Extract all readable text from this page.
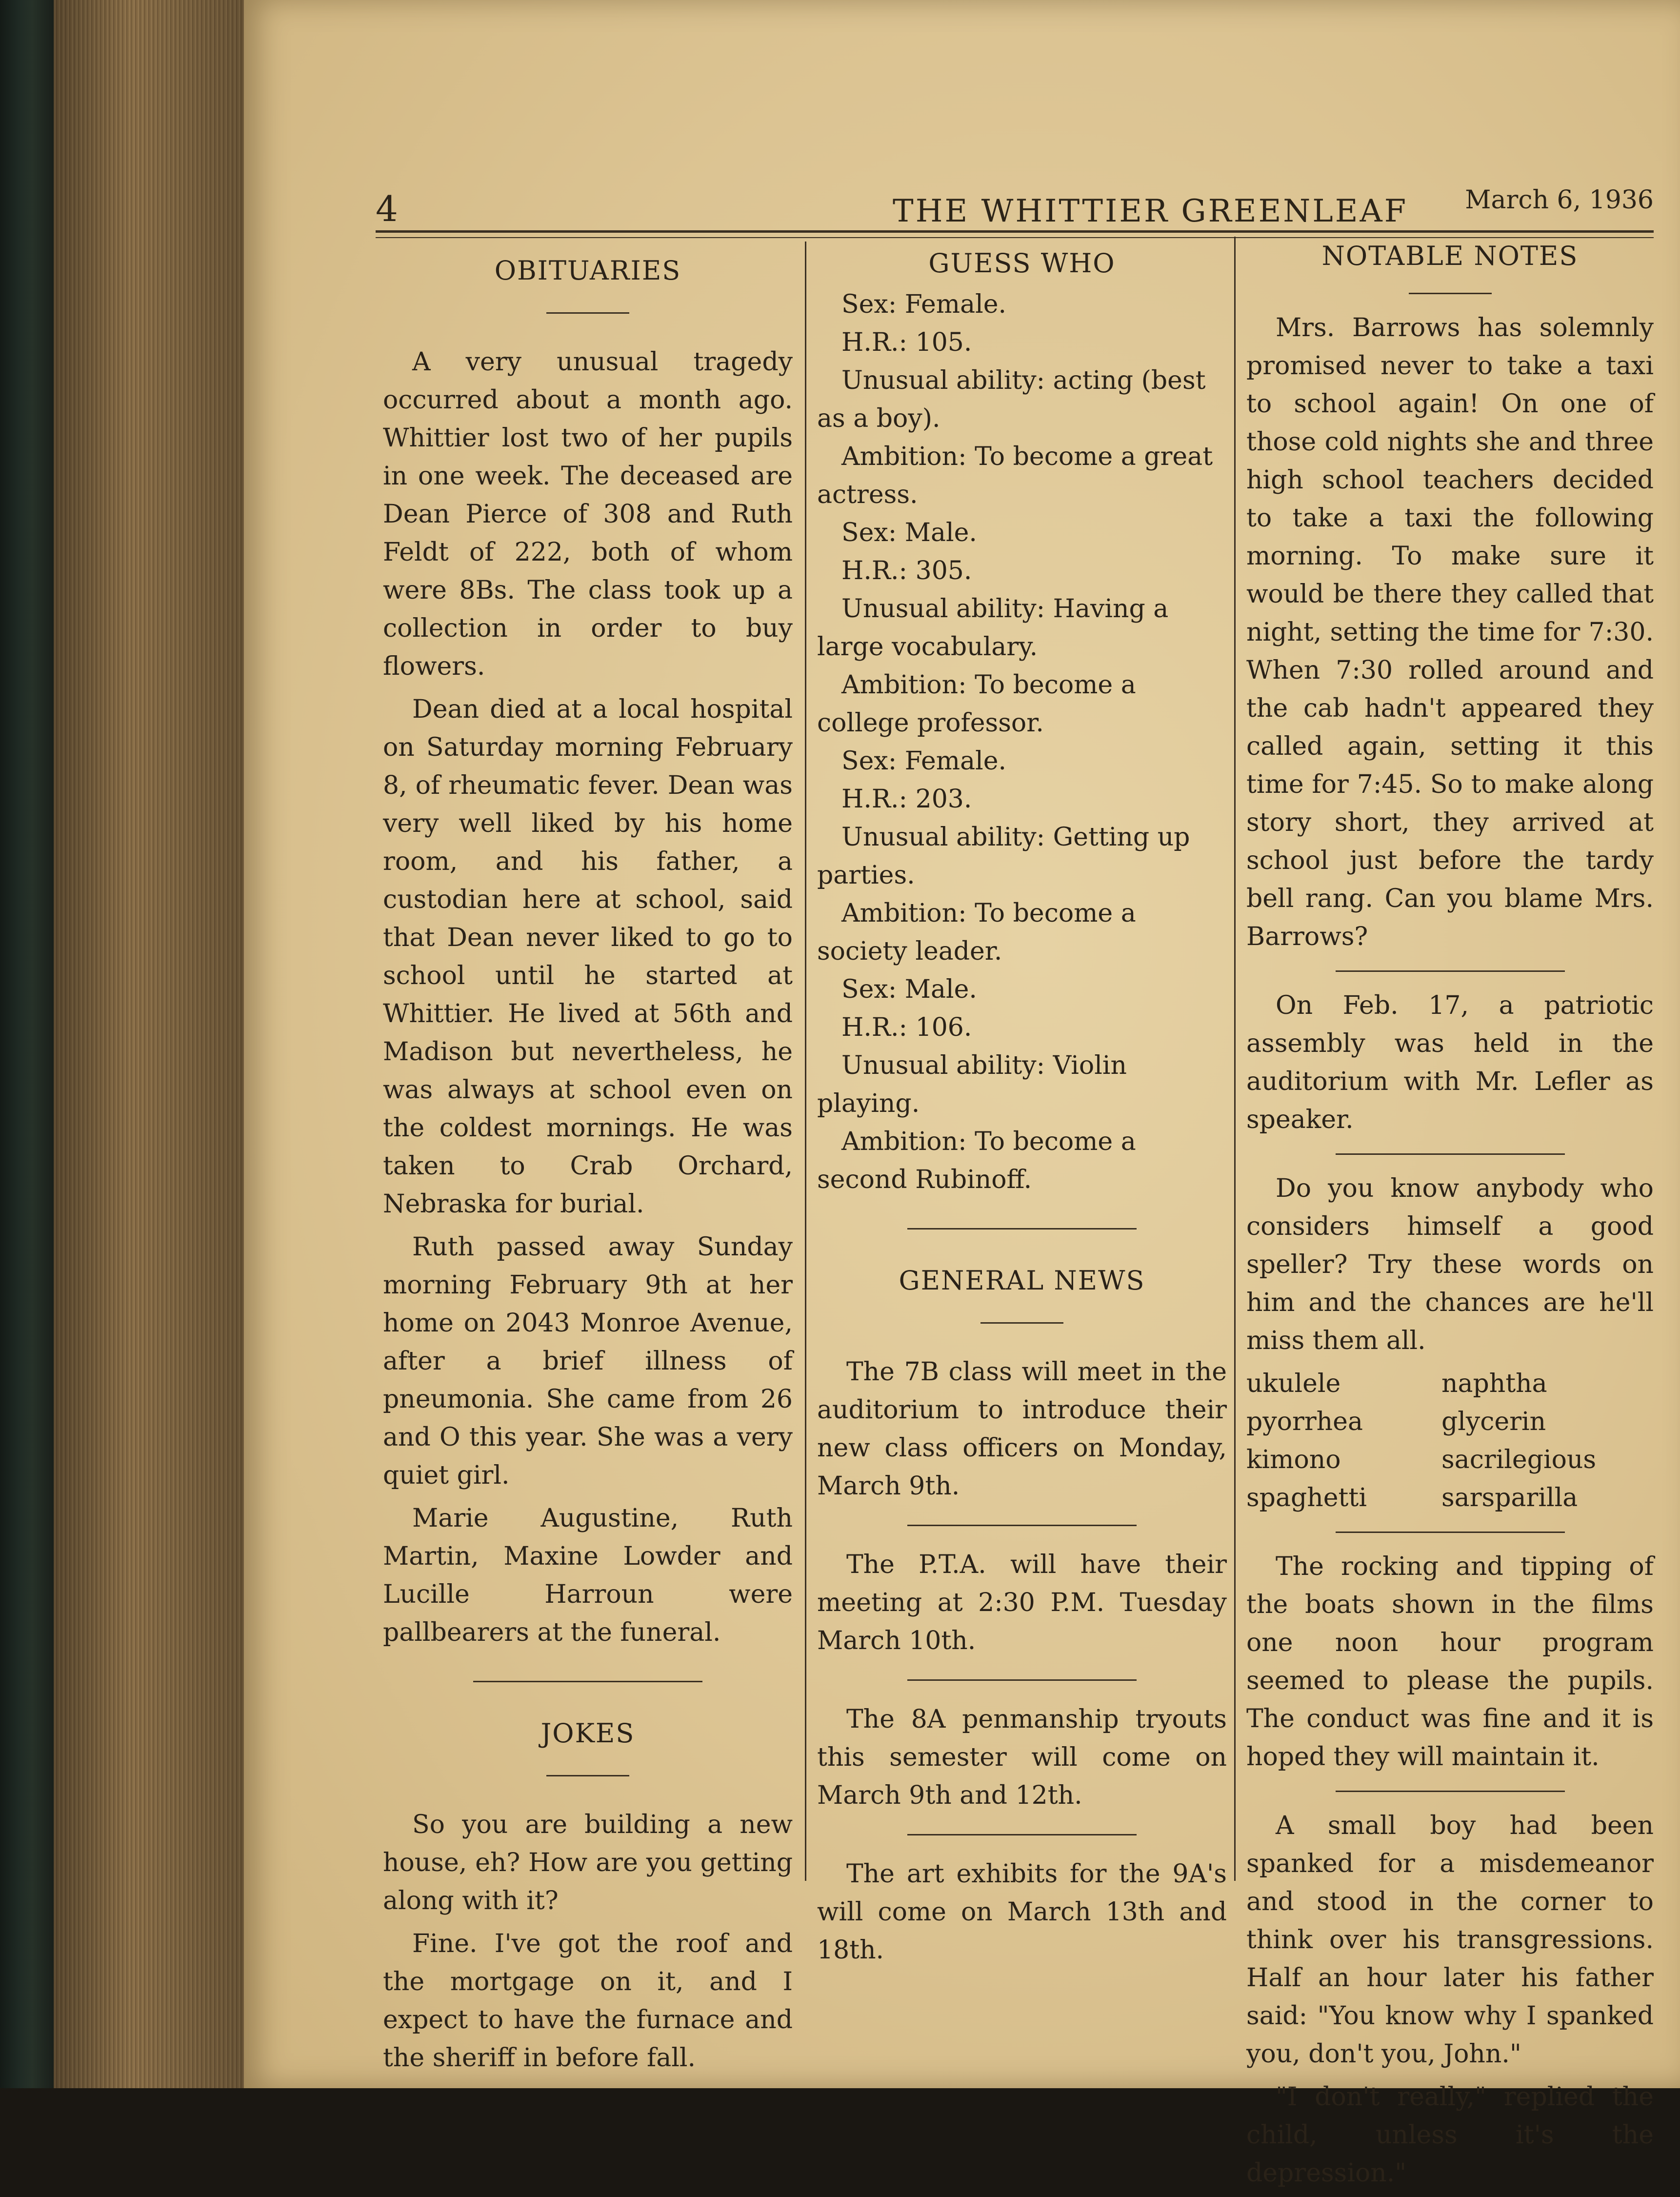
4	THE WHITTIER GREENLEAF March 6, 1936
OBITUARIES

A very unusual tragedy occurred about a month ago. Whittier lost two of her pupils in one week. The deceased are Dean Pierce of 308 and Ruth Feldt of 222, both of whom were 8Bs. The class took up a collection in order to buy flowers.

Dean died at a local hospital on Saturday morning February 8, of rheumatic fever. Dean was very well liked by his home room, and his father, a custodian here at school, said that Dean never liked to go to school until he started at Whittier. He lived at 56th and Madison but nevertheless, he was always at school even on the coldest mornings. He was taken to Crab Orchard, Nebraska for burial.

Ruth passed away Sunday morning February 9th at her home on 2043 Monroe Avenue, after a brief illness of pneumonia. She came from 26 and O this year. She was a very quiet girl.

Marie Augustine, Ruth Martin, Maxine Lowder and Lucille Harroun were pallbearers at the funeral.

JOKES

So you are building a new house, eh? How are you getting along with it?

Fine. I've got the roof and the mortgage on it, and I expect to have the furnace and the sheriff in before fall.

GUESS WHO

Sex: Female.

H.R.: 105.

Unusual ability: acting (best as a boy).

Ambition: To become a great actress.

Sex: Male.

H.R.: 305.

Unusual ability: Having a large vocabulary.

Ambition: To become a college professor.

Sex: Female.

H.R.: 203.

Unusual ability: Getting up parties.

Ambition: To become a society leader.

Sex: Male.

H.R.: 106.

Unusual ability: Violin playing.

Ambition: To become a second Rubinoff.

GENERAL NEWS

The 7B class will meet in the auditorium to introduce their new class officers on Monday, March 9th.

The P.T.A. will have their meeting at 2:30 P.M. Tuesday March 10th.

The 8A penmanship tryouts this semester will come on March 9th and 12th.

The art exhibits for the 9A's will come on March 13th and 18th.

NOTABLE NOTES

Mrs. Barrows has solemnly promised never to take a taxi to school again! On one of those cold nights she and three high school teachers decided to take a taxi the following morning. To make sure it would be there they called that night, setting the time for 7:30. When 7:30 rolled around and the cab hadn't appeared they called again, setting it this time for 7:45. So to make along story short, they arrived at school just before the tardy bell rang. Can you blame Mrs. Barrows?

On Feb. 17, a patriotic assembly was held in the auditorium with Mr. Lefler as speaker.

Do you know anybody who considers himself a good speller? Try these words on him and the chances are he'll miss them all.

ukulele	naphtha
pyorrhea	glycerin
kimono	sacrilegious
spaghetti	sarsparilla

The rocking and tipping of the boats shown in the films one noon hour program seemed to please the pupils. The conduct was fine and it is hoped they will maintain it.

A small boy had been spanked for a misdemeanor and stood in the corner to think over his transgressions. Half an hour later his father said: "You know why I spanked you, don't you, John."

"I don't really," replied the child, unless it's the depression."
